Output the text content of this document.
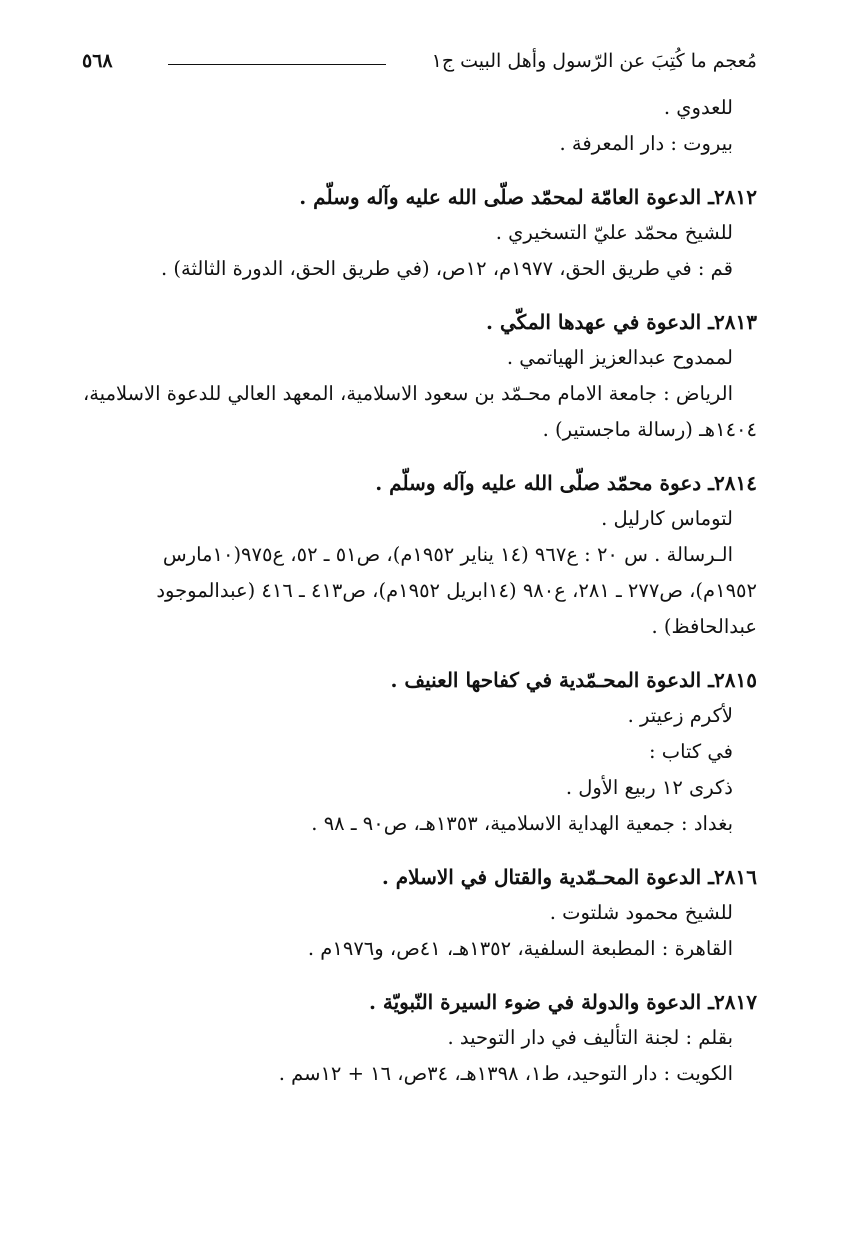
٥٦٨	مُعجم ما كُتِبَ عن الرّسول وأهل البيت ج١
للعدوي .
بيروت : دار المعرفة .
٢٨١٢ـ الدعوة العامّة لمحمّد صلّى الله عليه وآله وسلّم .
للشيخ محمّد عليّ التسخيري .
قم : في طريق الحق، ١٩٧٧م، ١٢ص، (في طريق الحق، الدورة الثالثة) .
٢٨١٣ـ الدعوة في عهدها المكّي .
لممدوح عبدالعزيز الهياتمي .
الرياض : جامعة الامام محـمّد بن سعود الاسلامية، المعهد العالي للدعوة الاسلامية،
١٤٠٤هـ (رسالة ماجستير) .
٢٨١٤ـ دعوة محمّد صلّى الله عليه وآله وسلّم .
لتوماس كارليل .
الـرسالة . س ٢٠ : ع٩٦٧ (١٤ يناير ١٩٥٢م)، ص٥١ ـ ٥٢، ع٩٧٥(١٠مارس
١٩٥٢م)، ص٢٧٧ ـ ٢٨١، ع٩٨٠ (١٤ابريل ١٩٥٢م)، ص٤١٣ ـ ٤١٦ (عبدالموجود
عبدالحافظ) .
٢٨١٥ـ الدعوة المحـمّدية في كفاحها العنيف .
لأكرم زعيتر .
في كتاب :
ذكرى ١٢ ربيع الأول .
بغداد : جمعية الهداية الاسلامية، ١٣٥٣هـ، ص٩٠ ـ ٩٨ .
٢٨١٦ـ الدعوة المحـمّدية والقتال في الاسلام .
للشيخ محمود شلتوت .
القاهرة : المطبعة السلفية، ١٣٥٢هـ، ٤١ص، و١٩٧٦م .
٢٨١٧ـ الدعوة والدولة في ضوء السيرة النّبويّة .
بقلم : لجنة التأليف في دار التوحيد .
الكويت : دار التوحيد، ط١، ١٣٩٨هـ، ٣٤ص، ١٦ + ١٢سم .
